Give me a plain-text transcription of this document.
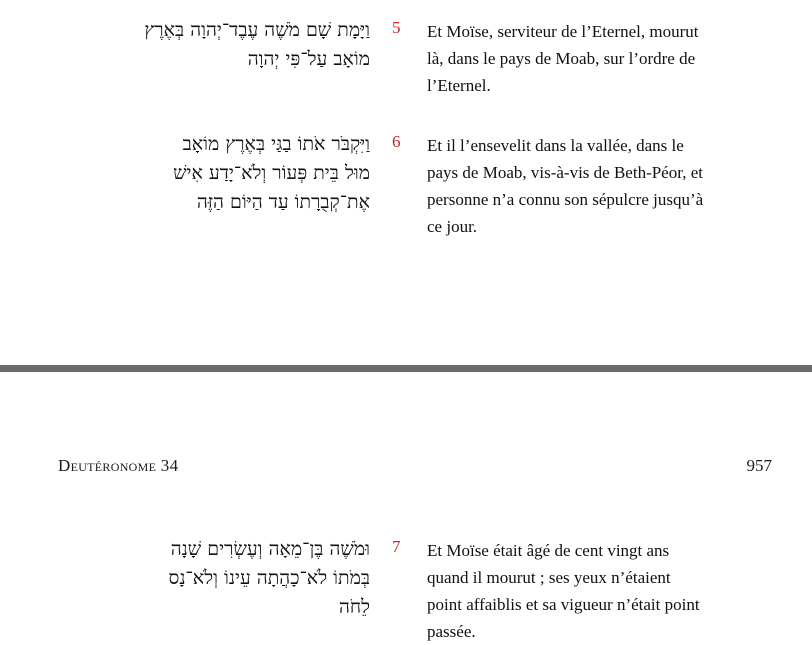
וַיָּמָת שָׁם מֹשֶׁה עֶבֶד־יְהוָה בְּאֶרֶץ
מוֹאָב עַל־פִּי יְהוָה
5	Et Moïse, serviteur de l’Eternel, mourut
là, dans le pays de Moab, sur l’ordre de
l’Eternel.
וַיִּקְבֹּר אֹתוֹ בַגַּי בְּאֶרֶץ מוֹאָב
מוּל בֵּית פְּעוֹר וְלֹא־יָדַע אִישׁ
אֶת־קְבֻרָתוֹ עַד הַיּוֹם הַזֶּה
6	Et il l’ensevelit dans la vallée, dans le
pays de Moab, vis-à-vis de Beth-Péor, et
personne n’a connu son sépulcre jusqu’à
ce jour.
Deutéronome 34	957
וּמֹשֶׁה בֶּן־מֵאָה וְעֶשְׂרִים שָׁנָה
בְּמֹתוֹ לֹא־כָהֲתָה עֵינוֹ וְלֹא־נָס
לֵחֹה
7	Et Moïse était âgé de cent vingt ans
quand il mourut ; ses yeux n’étaient
point affaiblis et sa vigueur n’était point
passée.
